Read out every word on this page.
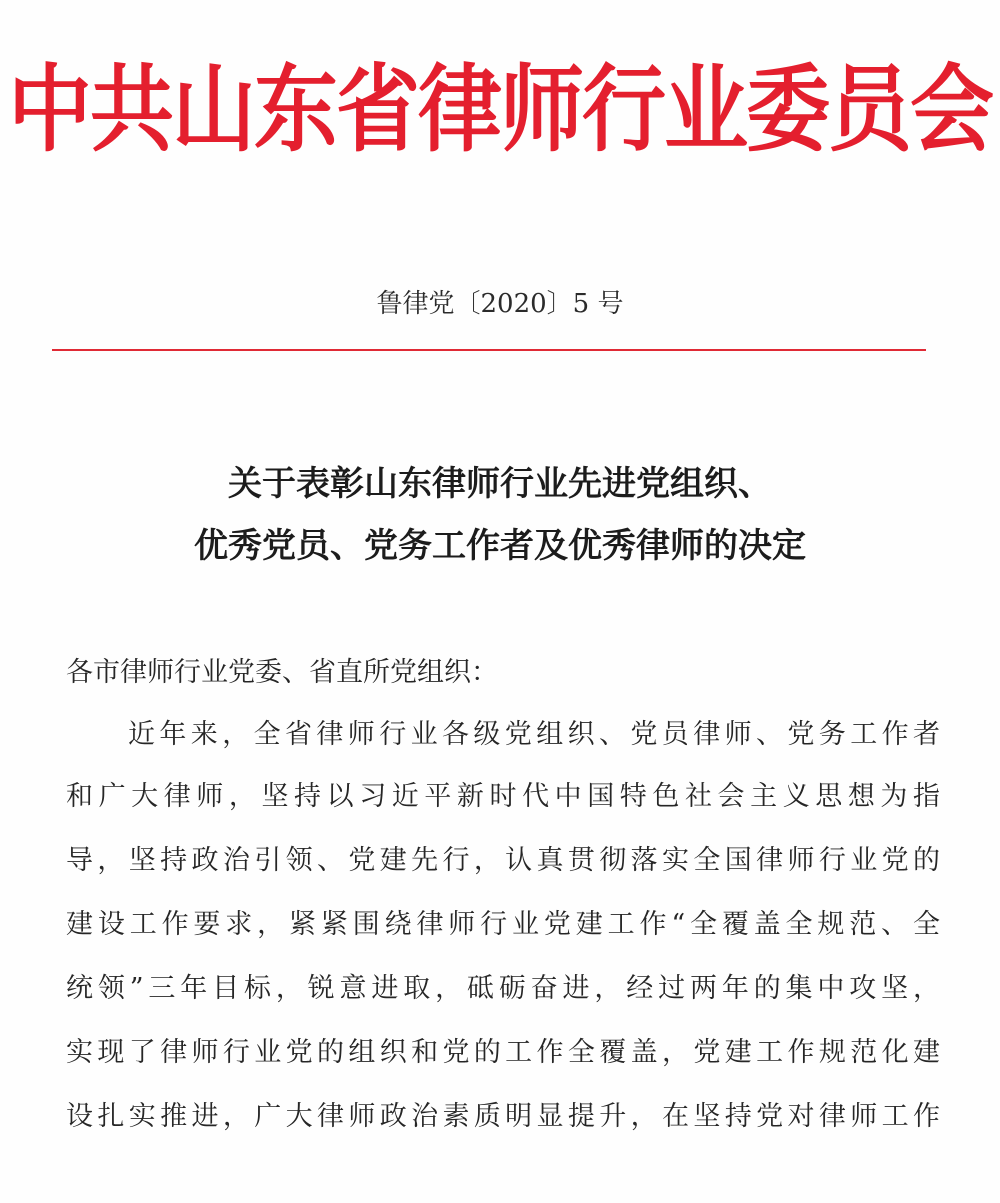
中共山东省律师行业委员会
鲁律党〔2020〕5 号
关于表彰山东律师行业先进党组织、
优秀党员、党务工作者及优秀律师的决定
各市律师行业党委、省直所党组织：
近年来，全省律师行业各级党组织、党员律师、党务工作者
和广大律师，坚持以习近平新时代中国特色社会主义思想为指
导，坚持政治引领、党建先行，认真贯彻落实全国律师行业党的
建设工作要求，紧紧围绕律师行业党建工作“全覆盖全规范、全
统领”三年目标，锐意进取，砥砺奋进，经过两年的集中攻坚，
实现了律师行业党的组织和党的工作全覆盖，党建工作规范化建
设扎实推进，广大律师政治素质明显提升，在坚持党对律师工作
